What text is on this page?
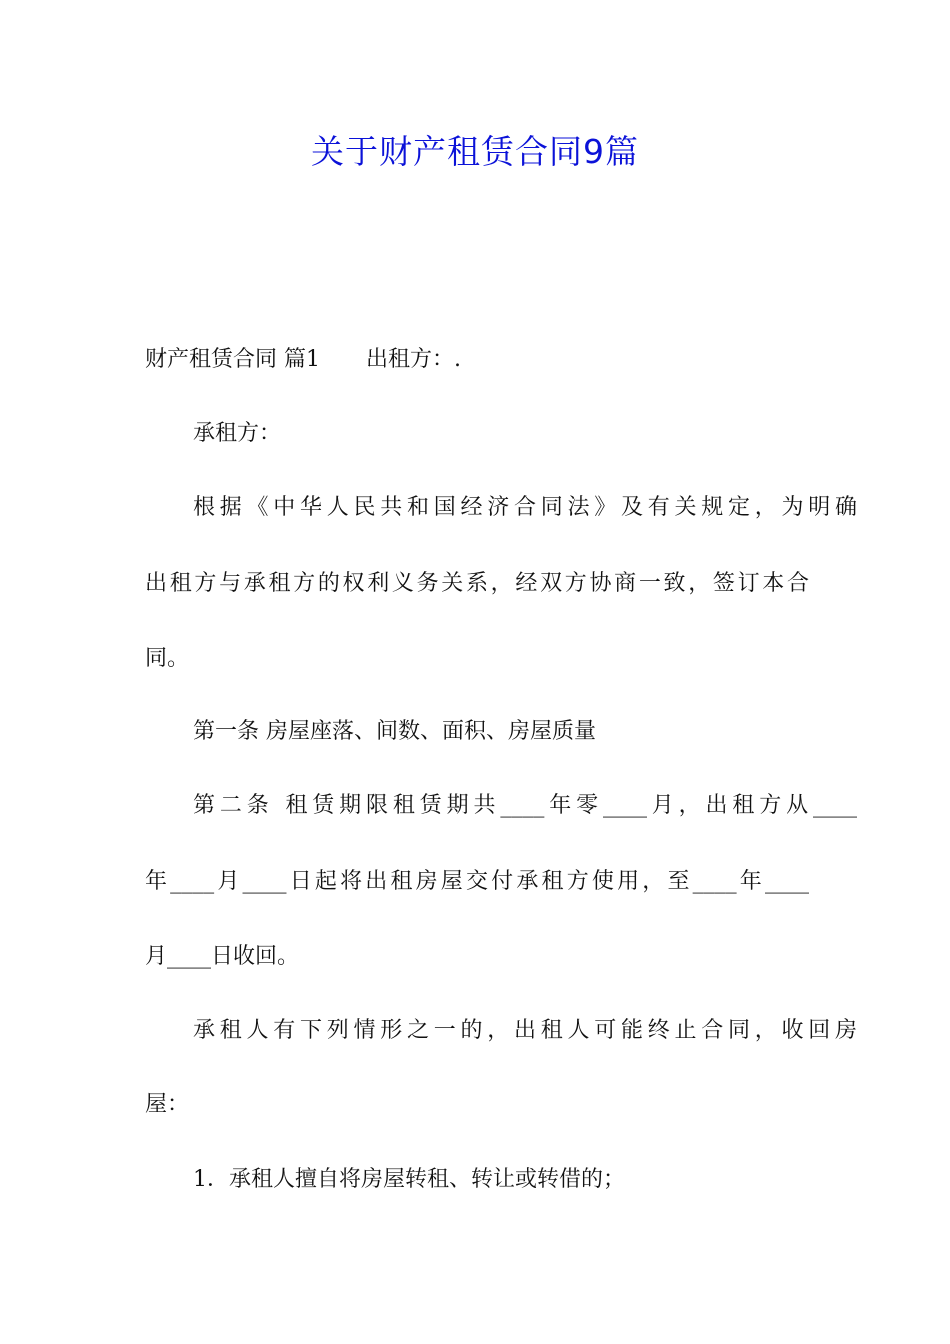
关于财产租赁合同9篇
财产租赁合同 篇1 出租方：.
承租方：
根据《中华人民共和国经济合同法》及有关规定，为明确
出租方与承租方的权利义务关系，经双方协商一致，签订本合
同。
第一条 房屋座落、间数、面积、房屋质量
第二条 租赁期限租赁期共____年零____月，出租方从____
年____月____日起将出租房屋交付承租方使用，至____年____
月____日收回。
承租人有下列情形之一的，出租人可能终止合同，收回房
屋：
1．承租人擅自将房屋转租、转让或转借的；
